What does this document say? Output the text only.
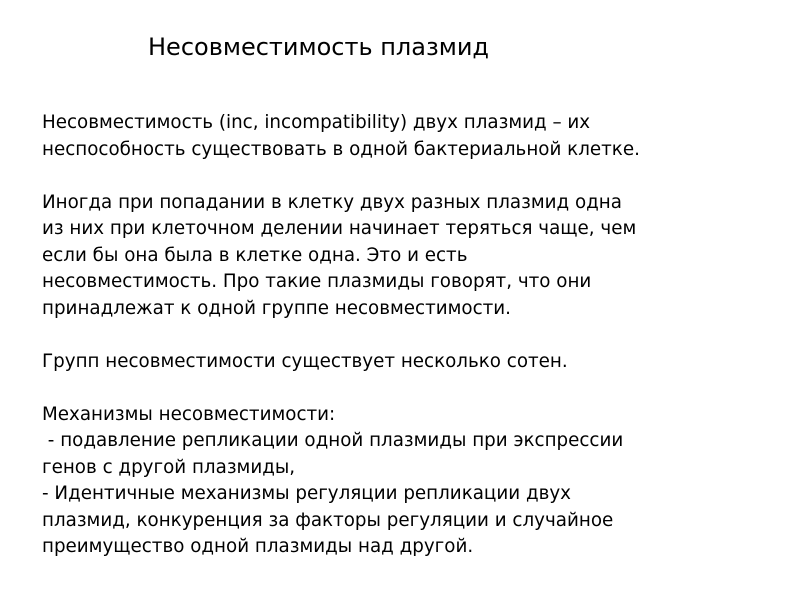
Несовместимость плазмид
Несовместимость (inc, incompatibility) двух плазмид – их
неспособность существовать в одной бактериальной клетке.
Иногда при попадании в клетку двух разных плазмид одна
из них при клеточном делении начинает теряться чаще, чем
если бы она была в клетке одна. Это и есть
несовместимость. Про такие плазмиды говорят, что они
принадлежат к одной группе несовместимости.
Групп несовместимости существует несколько сотен.
Механизмы несовместимости:
- подавление репликации одной плазмиды при экспрессии
генов с другой плазмиды,
- Идентичные механизмы регуляции репликации двух
плазмид, конкуренция за факторы регуляции и случайное
преимущество одной плазмиды над другой.
